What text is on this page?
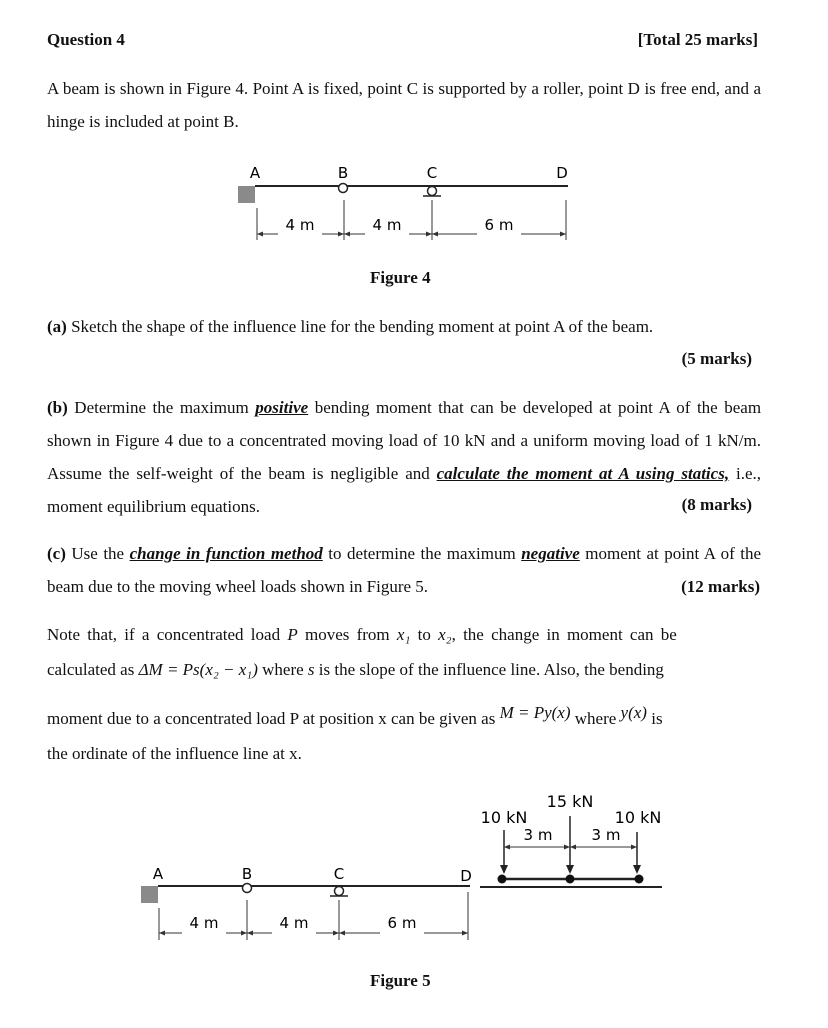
Question 4	[Total 25 marks]
A beam is shown in Figure 4. Point A is fixed, point C is supported by a roller, point D is free end, and a hinge is included at point B.
A	B	C	D
4 m	4 m	6 m
Figure 4
(a) Sketch the shape of the influence line for the bending moment at point A of the beam.
(5 marks)
(b) Determine the maximum positive bending moment that can be developed at point A of the beam shown in Figure 4 due to a concentrated moving load of 10 kN and a uniform moving load of 1 kN/m. Assume the self-weight of the beam is negligible and calculate the moment at A using statics, i.e., moment equilibrium equations.	(8 marks)
(c) Use the change in function method to determine the maximum negative moment at point A of the beam due to the moving wheel loads shown in Figure 5.	(12 marks)
Note that, if a concentrated load P moves from x₁ to x₂, the change in moment can be
calculated as ΔM = Ps(x₂ − x₁) where s is the slope of the influence line. Also, the bending
moment due to a concentrated load P at position x can be given as M = Py(x) where y(x) is
the ordinate of the influence line at x.
A	B	C	D
4 m	4 m	6 m
3 m	3 m
10 kN
15 kN
10 kN
Figure 5
